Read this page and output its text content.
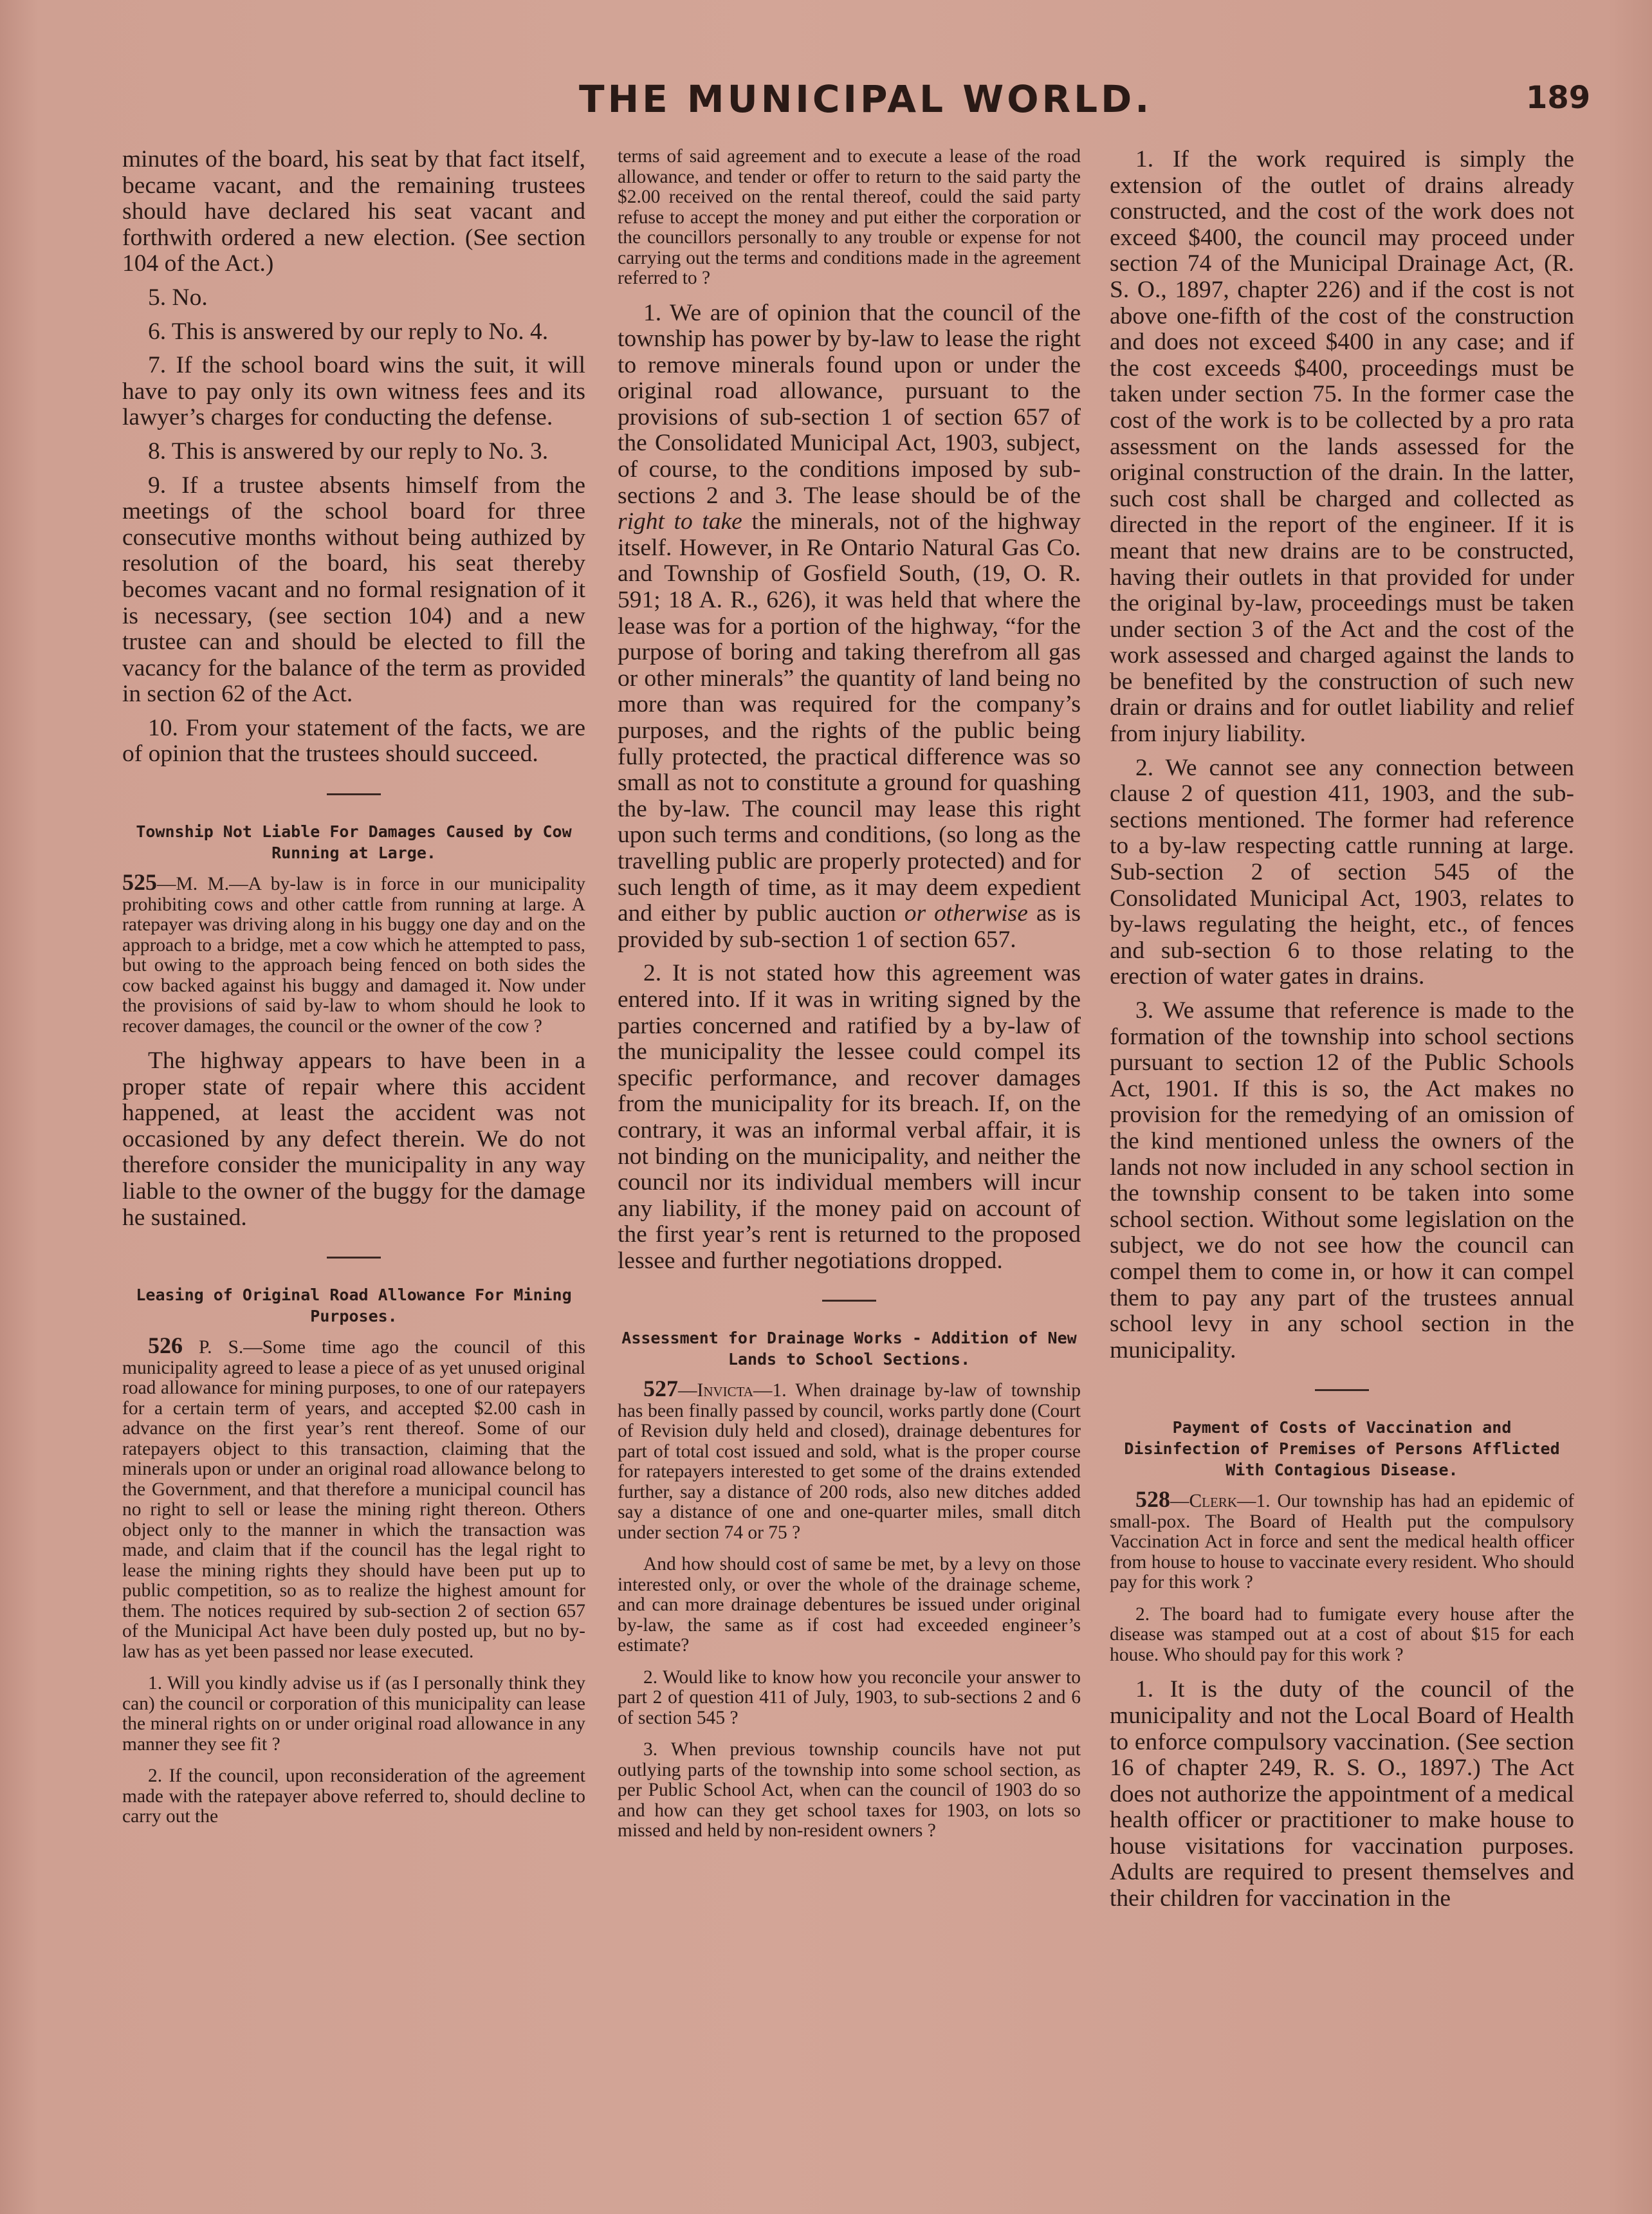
THE MUNICIPAL WORLD.	189

minutes of the board, his seat by that fact itself, became vacant, and the remaining trustees should have declared his seat vacant and forthwith ordered a new election. (See section 104 of the Act.)

5. No.

6. This is answered by our reply to No. 4.

7. If the school board wins the suit, it will have to pay only its own witness fees and its lawyer’s charges for conducting the defense.

8. This is answered by our reply to No. 3.

9. If a trustee absents himself from the meetings of the school board for three consecutive months without being authized by resolution of the board, his seat thereby becomes vacant and no formal resignation of it is necessary, (see section 104) and a new trustee can and should be elected to fill the vacancy for the balance of the term as provided in section 62 of the Act.

10. From your statement of the facts, we are of opinion that the trustees should succeed.

Township Not Liable For Damages Caused by Cow Running at Large.

525—M. M.—A by-law is in force in our municipality prohibiting cows and other cattle from running at large. A ratepayer was driving along in his buggy one day and on the approach to a bridge, met a cow which he attempted to pass, but owing to the approach being fenced on both sides the cow backed against his buggy and damaged it. Now under the provisions of said by-law to whom should he look to recover damages, the council or the owner of the cow ?

The highway appears to have been in a proper state of repair where this accident happened, at least the accident was not occasioned by any defect therein. We do not therefore consider the municipality in any way liable to the owner of the buggy for the damage he sustained.

Leasing of Original Road Allowance For Mining Purposes.

526 P. S.—Some time ago the council of this municipality agreed to lease a piece of as yet unused original road allowance for mining purposes, to one of our ratepayers for a certain term of years, and accepted $2.00 cash in advance on the first year’s rent thereof. Some of our ratepayers object to this transaction, claiming that the minerals upon or under an original road allowance belong to the Government, and that therefore a municipal council has no right to sell or lease the mining right thereon. Others object only to the manner in which the transaction was made, and claim that if the council has the legal right to lease the mining rights they should have been put up to public competition, so as to realize the highest amount for them. The notices required by sub-section 2 of section 657 of the Municipal Act have been duly posted up, but no by-law has as yet been passed nor lease executed.

1. Will you kindly advise us if (as I personally think they can) the council or corporation of this municipality can lease the mineral rights on or under original road allowance in any manner they see fit ?

2. If the council, upon reconsideration of the agreement made with the ratepayer above referred to, should decline to carry out the

terms of said agreement and to execute a lease of the road allowance, and tender or offer to return to the said party the $2.00 received on the rental thereof, could the said party refuse to accept the money and put either the corporation or the councillors personally to any trouble or expense for not carrying out the terms and conditions made in the agreement referred to ?

1. We are of opinion that the council of the township has power by by-law to lease the right to remove minerals found upon or under the original road allowance, pursuant to the provisions of sub-section 1 of section 657 of the Consolidated Municipal Act, 1903, subject, of course, to the conditions imposed by sub-sections 2 and 3. The lease should be of the right to take the minerals, not of the highway itself. However, in Re Ontario Natural Gas Co. and Township of Gosfield South, (19, O. R. 591; 18 A. R., 626), it was held that where the lease was for a portion of the highway, “for the purpose of boring and taking therefrom all gas or other minerals” the quantity of land being no more than was required for the company’s purposes, and the rights of the public being fully protected, the practical difference was so small as not to constitute a ground for quashing the by-law. The council may lease this right upon such terms and conditions, (so long as the travelling public are properly protected) and for such length of time, as it may deem expedient and either by public auction or otherwise as is provided by sub-section 1 of section 657.

2. It is not stated how this agreement was entered into. If it was in writing signed by the parties concerned and ratified by a by-law of the municipality the lessee could compel its specific performance, and recover damages from the municipality for its breach. If, on the contrary, it was an informal verbal affair, it is not binding on the municipality, and neither the council nor its individual members will incur any liability, if the money paid on account of the first year’s rent is returned to the proposed lessee and further negotiations dropped.

Assessment for Drainage Works - Addition of New Lands to School Sections.

527—Invicta—1. When drainage by-law of township has been finally passed by council, works partly done (Court of Revision duly held and closed), drainage debentures for part of total cost issued and sold, what is the proper course for ratepayers interested to get some of the drains extended further, say a distance of 200 rods, also new ditches added say a distance of one and one-quarter miles, small ditch under section 74 or 75 ?

And how should cost of same be met, by a levy on those interested only, or over the whole of the drainage scheme, and can more drainage debentures be issued under original by-law, the same as if cost had exceeded engineer’s estimate?

2. Would like to know how you reconcile your answer to part 2 of question 411 of July, 1903, to sub-sections 2 and 6 of section 545 ?

3. When previous township councils have not put outlying parts of the township into some school section, as per Public School Act, when can the council of 1903 do so and how can they get school taxes for 1903, on lots so missed and held by non-resident owners ?

1. If the work required is simply the extension of the outlet of drains already constructed, and the cost of the work does not exceed $400, the council may proceed under section 74 of the Municipal Drainage Act, (R. S. O., 1897, chapter 226) and if the cost is not above one-fifth of the cost of the construction and does not exceed $400 in any case; and if the cost exceeds $400, proceedings must be taken under section 75. In the former case the cost of the work is to be collected by a pro rata assessment on the lands assessed for the original construction of the drain. In the latter, such cost shall be charged and collected as directed in the report of the engineer. If it is meant that new drains are to be constructed, having their outlets in that provided for under the original by-law, proceedings must be taken under section 3 of the Act and the cost of the work assessed and charged against the lands to be benefited by the construction of such new drain or drains and for outlet liability and relief from injury liability.

2. We cannot see any connection between clause 2 of question 411, 1903, and the sub-sections mentioned. The former had reference to a by-law respecting cattle running at large. Sub-section 2 of section 545 of the Consolidated Municipal Act, 1903, relates to by-laws regulating the height, etc., of fences and sub-section 6 to those relating to the erection of water gates in drains.

3. We assume that reference is made to the formation of the township into school sections pursuant to section 12 of the Public Schools Act, 1901. If this is so, the Act makes no provision for the remedying of an omission of the kind mentioned unless the owners of the lands not now included in any school section in the township consent to be taken into some school section. Without some legislation on the subject, we do not see how the council can compel them to come in, or how it can compel them to pay any part of the trustees annual school levy in any school section in the municipality.

Payment of Costs of Vaccination and Disinfection of Premises of Persons Afflicted With Contagious Disease.

528—Clerk—1. Our township has had an epidemic of small-pox. The Board of Health put the compulsory Vaccination Act in force and sent the medical health officer from house to house to vaccinate every resident. Who should pay for this work ?

2. The board had to fumigate every house after the disease was stamped out at a cost of about $15 for each house. Who should pay for this work ?

1. It is the duty of the council of the municipality and not the Local Board of Health to enforce compulsory vaccination. (See section 16 of chapter 249, R. S. O., 1897.) The Act does not authorize the appointment of a medical health officer or practitioner to make house to house visitations for vaccination purposes. Adults are required to present themselves and their children for vaccination in the
